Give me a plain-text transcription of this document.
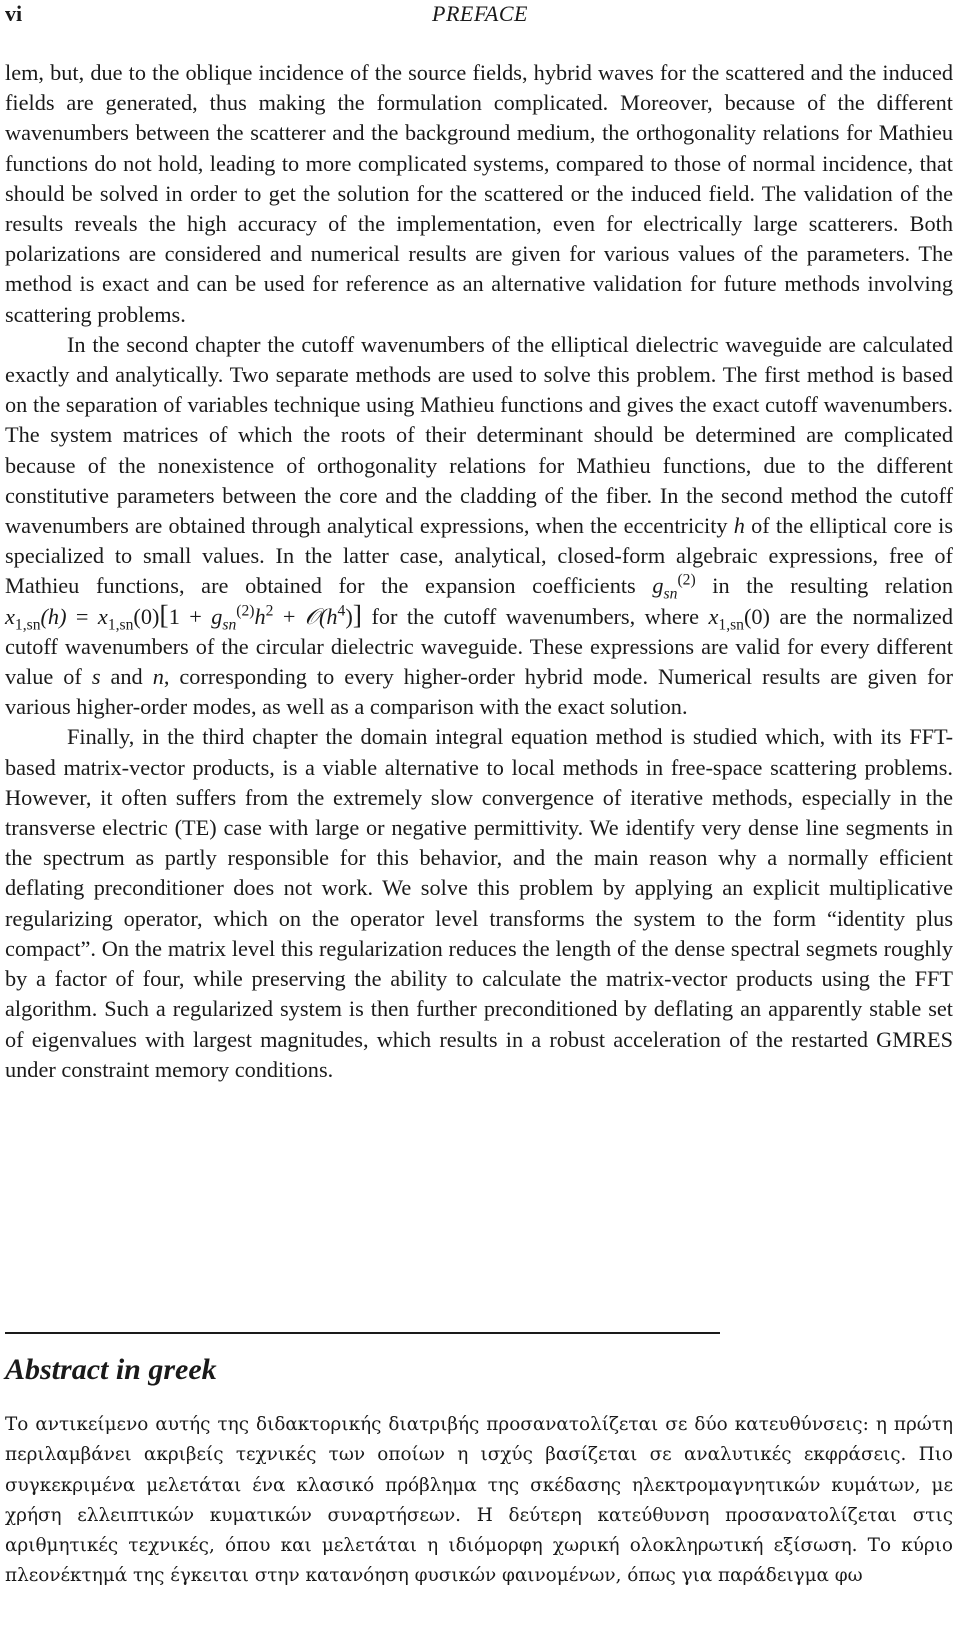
vi	PREFACE

lem, but, due to the oblique incidence of the source fields, hybrid waves for the scattered and the induced fields are generated, thus making the formulation complicated. Moreover, because of the different wavenumbers between the scatterer and the background medium, the orthogonality relations for Mathieu functions do not hold, leading to more complicated systems, compared to those of normal incidence, that should be solved in order to get the solution for the scattered or the induced field. The validation of the results reveals the high accuracy of the implementation, even for electrically large scatterers. Both polarizations are considered and numerical results are given for various values of the parameters. The method is exact and can be used for reference as an alternative validation for future methods involving scattering problems.

In the second chapter the cutoff wavenumbers of the elliptical dielectric waveguide are calculated exactly and analytically. Two separate methods are used to solve this problem. The first method is based on the separation of variables technique using Mathieu functions and gives the exact cutoff wavenumbers. The system matrices of which the roots of their determinant should be determined are complicated because of the nonexistence of orthogonality relations for Mathieu functions, due to the different constitutive parameters between the core and the cladding of the fiber. In the second method the cutoff wavenumbers are obtained through analytical expressions, when the eccentricity h of the elliptical core is specialized to small values. In the latter case, analytical, closed-form algebraic expressions, free of Mathieu functions, are obtained for the expansion coefficients $g_{sn}^{(2)}$ in the resulting relation $x_{1,sn}(h) = x_{1,sn}(0)[1 + g_{sn}^{(2)}h^2$ + $𝒪(h^4)$] for the cutoff wavenumbers, where $x_{1,sn}(0)$ are the normalized cutoff wavenumbers of the circular dielectric waveguide. These expressions are valid for every different value of s and n, corresponding to every higher-order hybrid mode. Numerical results are given for various higher-order modes, as well as a comparison with the exact solution.

Finally, in the third chapter the domain integral equation method is studied which, with its FFT-based matrix-vector products, is a viable alternative to local methods in free-space scattering problems. However, it often suffers from the extremely slow convergence of iterative methods, especially in the transverse electric (TE) case with large or negative permittivity. We identify very dense line segments in the spectrum as partly responsible for this behavior, and the main reason why a normally efficient deflating preconditioner does not work. We solve this problem by applying an explicit multiplicative regularizing operator, which on the operator level transforms the system to the form “identity plus compact”. On the matrix level this regularization reduces the length of the dense spectral segmets roughly by a factor of four, while preserving the ability to calculate the matrix-vector products using the FFT algorithm. Such a regularized system is then further preconditioned by deflating an apparently stable set of eigenvalues with largest magnitudes, which results in a robust acceleration of the restarted GMRES under constraint memory conditions.

Abstract in greek

Το αντικείμενο αυτής της διδακτορικής διατριβής προσανατολίζεται σε δύο κατευθύνσεις: η πρώτη περιλαμβάνει ακριβείς τεχνικές των οποίων η ισχύς βασίζεται σε αναλυτικές εκφράσεις. Πιο συγκεκριμένα μελετάται ένα κλασικό πρόβλημα της σκέδασης ηλεκτρομαγνητικών κυμάτων, με χρήση ελλειπτικών κυματικών συναρτήσεων. Η δεύτερη κατεύθυνση προσανατολίζεται στις αριθμητικές τεχνικές, όπου και μελετάται η ιδιόμορφη χωρική ολοκληρωτική εξίσωση. Το κύριο πλεονέκτημά της έγκειται στην κατανόηση φυσικών φαινομένων, όπως για παράδειγμα φω
